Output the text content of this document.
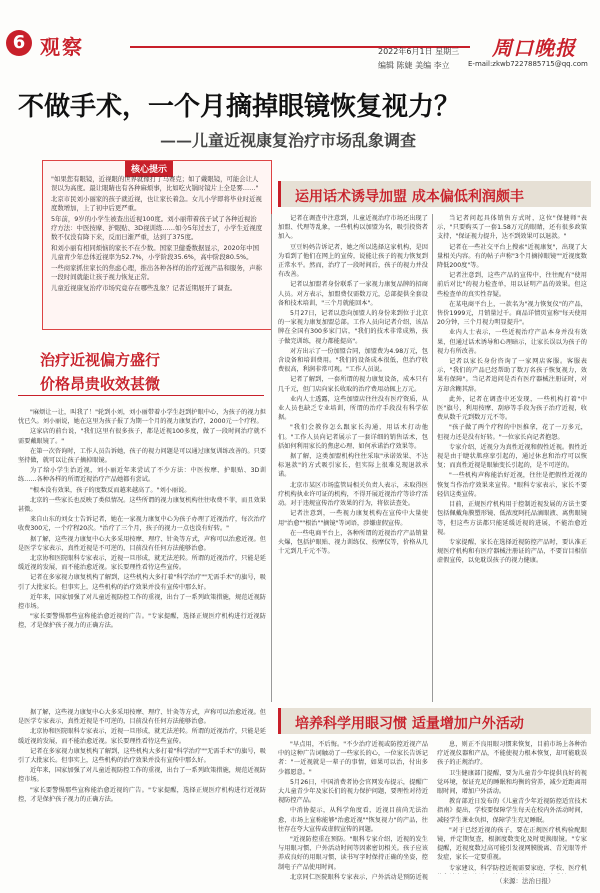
6 观察	2022年6月1日 星期三
编辑 陈婕 美编 李立
周口晚报
E-mail:zkwb7227885715@qq.com
不做手术，一个月摘掉眼镜恢复视力？
——儿童近视康复治疗市场乱象调查
核心提示

"如果您有眼镜，近视眼的世界就像打了马赛克；如了戴眼镜，可能会让人误以为高度。最让眼睛也有各种麻烦事，比如吃火锅时镜片上全是雾……"

北京市民刘小丽家的孩子就近视，也让家长着急。女儿小学即将毕业时近视度数增加，上了初中后更严重。

5年前，9岁的小学生被查出近视100度。刘小丽带着孩子试了各种近视治疗方法：中医按摩、护眼贴、3D视训练……如今5年过去了，小学生近视度数不仅没有降下来，反而日渐严重，达到了375度。

和刘小丽有相同烦恼的家长不在少数。国家卫健委数据显示，2020年中国儿童青少年总体近视率为52.7%，小学阶段35.6%，高中阶段80.5%。

一些商家抓住家长的焦虑心理，推出各种各样的治疗近视产品和服务，声称一段时间就能让孩子视力恢复正常。

儿童近视康复治疗市场究竟存在哪些乱象？记者近期展开了调查。

运用话术诱导加盟 成本偏低利润颇丰
治疗近视偏方盛行
价格昂贵收效甚微

"麻烦让一让，叫我了！"轮到小刘，刘小丽带着小学生赶到护眼中心，为孩子的视力担忧已久。刘小丽说，她在这里为孩子报了为期一个月的视力康复治疗，2000元一个疗程。

这家店的前台说，"我们这里有很多孩子，都是近视100多度，做了一段时间治疗就不需要戴眼镜了。"

在第一次咨询时，工作人员告诉她，孩子的视力问题是可以通过康复训练改善的。只要坚持做，就可以让孩子摘掉眼镜。

为了给小学生治近视，刘小丽近年来尝试了不少方法：中医按摩、护眼贴、3D训练……各种各样的所谓近视治疗产品她都有尝试。

"根本没有效果，孩子的度数反而越来越高了。"刘小丽说。

北京的一些家长也反映了类似情况。这些所谓的视力康复机构往往收费不菲，而且效果甚微。

来自山东的刘女士告诉记者，她在一家视力康复中心为孩子办理了近视治疗，每次治疗收费300元，一个疗程20次。"治疗了三个月，孩子的视力一点也没有好转。"

据了解，这些视力康复中心大多采用按摩、理疗、针灸等方式，声称可以治愈近视。但是医学专家表示，真性近视是不可逆的，目前没有任何方法能够治愈。

北京协和医院眼科专家表示，近视一旦形成，就无法逆转。所谓的近视治疗，只能是延缓近视的发展，而不能治愈近视。家长要理性看待这些宣传。

记者在多家视力康复机构了解到，这些机构大多打着"科学治疗""无需手术"的旗号，吸引了大批家长。但事实上，这些机构的治疗效果并没有宣传中那么好。

近年来，国家加强了对儿童近视防控工作的重视，出台了一系列政策措施，规范近视防控市场。

"家长要警惕那些宣称能治愈近视的广告。"专家提醒，选择正规医疗机构进行近视防控，才是保护孩子视力的正确方法。

记者在调查中注意到，儿童近视治疗市场还出现了加盟、代理等乱象，一些机构以加盟为名，吸引投资者加入。

豆豆妈妈告诉记者，她之所以选择这家机构，是因为看到了他们在网上的宣传，说能让孩子的视力恢复到正常水平。然而，治疗了一段时间后，孩子的视力并没有改善。

记者以加盟者身份联系了一家视力康复品牌的招商人员。对方表示，加盟费仅需数万元，总部提供全套设备和技术培训，"三个月就能回本"。

5月27日，记者以意向加盟人的身份来到位于北京的一家视力康复加盟总部。工作人员向记者介绍，该品牌在全国有300多家门店，"我们的技术非常成熟，孩子做完训练，视力都能提高"。

对方出示了一份加盟合同，加盟费为4.98万元，包含设备和培训费用。"我们的设备成本很低，但治疗收费很高，利润非常可观。"工作人员说。

记者了解到，一套所谓的视力康复设备，成本只有几千元，但门店向家长收取的治疗费用动辄上万元。

业内人士透露，这些加盟店往往没有医疗资质，从业人员也缺乏专业培训，所谓的治疗手段没有科学依据。

"我们会教你怎么跟家长沟通，用话术打动他们。"工作人员向记者展示了一套详细的销售话术，包括如何利用家长的焦虑心理、如何承诺治疗效果等。

据了解，这类加盟机构往往采取"承诺效果、不达标退款"的方式吸引家长，但实际上很难兑现退款承诺。

北京市某区市场监管局相关负责人表示，未取得医疗机构执业许可证的机构，不得开展近视治疗等诊疗活动。对于违规宣传治疗效果的行为，将依法查处。

记者注意到，一些视力康复机构在宣传中大量使用"治愈""根治""摘镜"等词语，涉嫌虚假宣传。

在一些电商平台上，各种所谓的近视治疗产品销量火爆，包括护眼贴、视力训练仪、按摩仪等，价格从几十元到几千元不等。

当记者问起具体销售方式时，这位"保健师"表示，"只要购买了一套1.58万元的眼睛，还有很多政策支持，"保证视力提升，达不到效果可以退款。"

记者在一些社交平台上搜索"近视康复"，出现了大量相关内容。有的帖子声称"3个月摘掉眼镜""近视度数降低200度"等。

记者注意到，这些产品的宣传中，往往配有"使用前后对比"的视力检查单，用以证明产品的效果。但这些检查单的真实性存疑。

在某电商平台上，一款名为"视力恢复仪"的产品，售价1999元，月销量过千。商品详情页宣称"每天使用20分钟，三个月视力明显提升"。

业内人士表示，一些近视治疗产品本身并没有效果，但通过话术诱导和心理暗示，让家长误以为孩子的视力有所改善。

记者以家长身份咨询了一家网店客服。客服表示，"我们的产品已经帮助了数万名孩子恢复视力，效果有保障"。当记者追问是否有医疗器械注册证时，对方却含糊其辞。

此外，记者在调查中还发现，一些机构打着"中医"旗号，利用按摩、刮痧等手段为孩子治疗近视，收费从数千元到数万元不等。

"孩子做了两个疗程的中医推拿，花了一万多元，但视力还是没有好转。"一位家长向记者抱怨。

专家介绍，近视分为真性近视和假性近视。假性近视是由于睫状肌痉挛引起的，通过休息和治疗可以恢复；而真性近视是眼轴变长引起的，是不可逆的。

"一些机构声称能治好近视，往往是把假性近视的恢复当作治疗效果来宣传。"眼科专家表示，家长不要轻信这类宣传。

目前，正规医疗机构用于控制近视发展的方法主要包括佩戴角膜塑形镜、低浓度阿托品滴眼液、离焦眼镜等，但这些方法都只能延缓近视的进展，不能治愈近视。

专家提醒，家长在选择近视防控产品时，要认准正规医疗机构和有医疗器械注册证的产品，不要盲目相信虚假宣传，以免耽误孩子的视力健康。

培养科学用眼习惯 适量增加户外活动

"早点用，不后悔。"不少治疗近视或防控近视产品中的这种广告词触动了一些家长的心，一位家长告诉记者："一近视就是一辈子的事情，如果可以治，付出多少都愿意。"

5月26日，中国消费者协会官网发布提示，提醒广大儿童青少年及家长们的视力保护问题，要理性对待近视防控产品。

中消协提示，从科学角度看，近视目前尚无法治愈，市场上宣称能够"治愈近视""恢复视力"的产品，往往存在夸大宣传或虚假宣传的问题。

"近视防控重在预防。"眼科专家介绍，近视的发生与用眼习惯、户外活动时间等因素密切相关。孩子应该养成良好的用眼习惯，读书写字时保持正确的坐姿，控制电子产品使用时间。

北京同仁医院眼科专家表示，户外活动是预防近视

息，则正不良用眼习惯来恢复，目前市场上各种治疗近视仪器和产品，不能使视力根本恢复，却可能耽误孩子的正规治疗。

卫生健康部门提醒，要为儿童青少年提供良好的视觉环境，保证充足的睡眠和均衡的营养，减少近距离用眼时间，增加户外活动。

教育部近日发布的《儿童青少年近视防控适宜技术指南》提出，学校要保障学生每天在校内外活动时间，减轻学生课业负担，保障学生充足睡眠。

"对于已经近视的孩子，要在正规医疗机构验配眼镜，并定期复查，根据度数变化及时更换眼镜。"专家提醒，近视度数过高可能引发视网膜脱离、青光眼等并发症，家长一定要重视。

专家建议，科学防控近视需要家庭、学校、医疗机

据了解，这些视力康复中心大多采用按摩、理疗、针灸等方式，声称可以治愈近视。但是医学专家表示，真性近视是不可逆的，目前没有任何方法能够治愈。

北京协和医院眼科专家表示，近视一旦形成，就无法逆转。所谓的近视治疗，只能是延缓近视的发展，而不能治愈近视。家长要理性看待这些宣传。

记者在多家视力康复机构了解到，这些机构大多打着"科学治疗""无需手术"的旗号，吸引了大批家长。但事实上，这些机构的治疗效果并没有宣传中那么好。

近年来，国家加强了对儿童近视防控工作的重视，出台了一系列政策措施，规范近视防控市场。

"家长要警惕那些宣称能治愈近视的广告。"专家提醒，选择正规医疗机构进行近视防控，才是保护孩子视力的正确方法。

（来源：法治日报）
